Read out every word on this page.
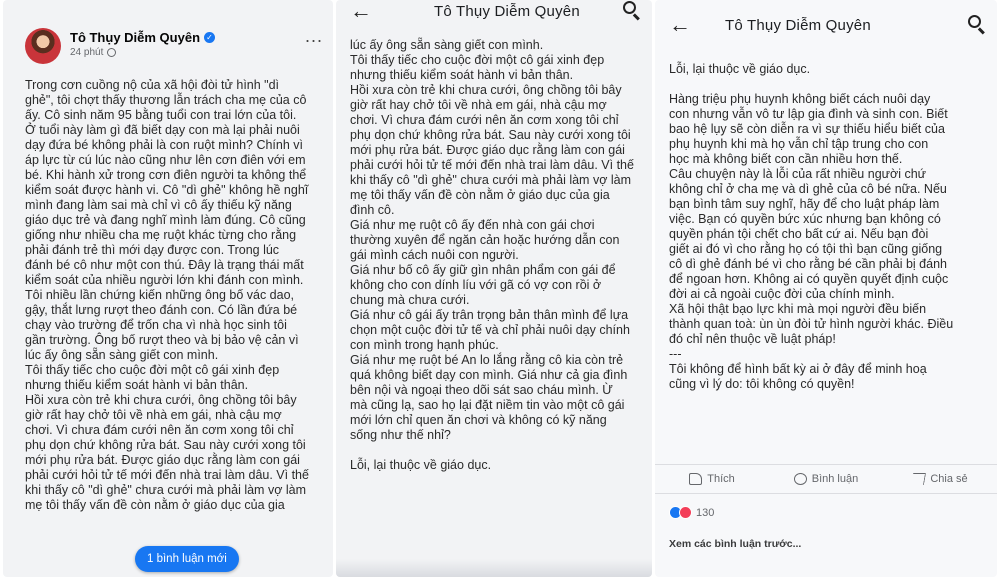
Tô Thụy Diễm Quyên ✓
24 phút
...

Trong cơn cuồng nộ của xã hội đòi tử hình "dì

ghẻ", tôi chợt thấy thương lẫn trách cha mẹ của cô

ấy. Cô sinh năm 95 bằng tuổi con trai lớn của tôi.

Ở tuổi này làm gì đã biết dạy con mà lại phải nuôi

dạy đứa bé không phải là con ruột mình? Chính vì

áp lực từ cú lúc nào cũng như lên cơn điên với em

bé. Khi hành xử trong cơn điên người ta không thể

kiểm soát được hành vi. Cô "dì ghẻ" không hề nghĩ

mình đang làm sai mà chỉ vì cô ấy thiếu kỹ năng

giáo dục trẻ và đang nghĩ mình làm đúng. Cô cũng

giống như nhiều cha mẹ ruột khác từng cho rằng

phải đánh trẻ thì mới dạy được con. Trong lúc

đánh bé cô như một con thú. Đây là trạng thái mất

kiểm soát của nhiều người lớn khi đánh con mình.

Tôi nhiều lần chứng kiến những ông bố vác dao,

gậy, thắt lưng rượt theo đánh con. Có lần đứa bé

chạy vào trường để trốn cha vì nhà học sinh tôi

gần trường. Ông bố rượt theo và bị bảo vệ cản vì

lúc ấy ông sẵn sàng giết con mình.

Tôi thấy tiếc cho cuộc đời một cô gái xinh đẹp

nhưng thiếu kiểm soát hành vi bản thân.

Hồi xưa còn trẻ khi chưa cưới, ông chồng tôi bây

giờ rất hay chở tôi về nhà em gái, nhà cậu mợ

chơi. Vì chưa đám cưới nên ăn cơm xong tôi chỉ

phụ dọn chứ không rửa bát. Sau này cưới xong tôi

mới phụ rửa bát. Được giáo dục rằng làm con gái

phải cưới hỏi tử tế mới đến nhà trai làm dâu. Vì thế

khi thấy cô "dì ghẻ" chưa cưới mà phải làm vợ làm

mẹ tôi thấy vấn đề còn nằm ở giáo dục của gia

1 bình luận mới
←	Tô Thụy Diễm Quyên

lúc ấy ông sẵn sàng giết con mình.

Tôi thấy tiếc cho cuộc đời một cô gái xinh đẹp

nhưng thiếu kiểm soát hành vi bản thân.

Hồi xưa còn trẻ khi chưa cưới, ông chồng tôi bây

giờ rất hay chở tôi về nhà em gái, nhà cậu mợ

chơi. Vì chưa đám cưới nên ăn cơm xong tôi chỉ

phụ dọn chứ không rửa bát. Sau này cưới xong tôi

mới phụ rửa bát. Được giáo dục rằng làm con gái

phải cưới hỏi tử tế mới đến nhà trai làm dâu. Vì thế

khi thấy cô "dì ghẻ" chưa cưới mà phải làm vợ làm

mẹ tôi thấy vấn đề còn nằm ở giáo dục của gia

đình cô.

Giá như mẹ ruột cô ấy đến nhà con gái chơi

thường xuyên để ngăn cản hoặc hướng dẫn con

gái mình cách nuôi con người.

Giá như bố cô ấy giữ gìn nhân phẩm con gái để

không cho con dính líu với gã có vợ con rồi ở

chung mà chưa cưới.

Giá như cô gái ấy trân trọng bản thân mình để lựa

chọn một cuộc đời tử tế và chỉ phải nuôi dạy chính

con mình trong hạnh phúc.

Giá như mẹ ruột bé An lo lắng rằng cô kia còn trẻ

quá không biết dạy con mình. Giá như cả gia đình

bên nội và ngoại theo dõi sát sao cháu mình. Ừ

mà cũng lạ, sao họ lại đặt niềm tin vào một cô gái

mới lớn chỉ quen ăn chơi và không có kỹ năng

sống như thế nhỉ?

Lỗi, lại thuộc về giáo dục.

← Tô Thụy Diễm Quyên

Lỗi, lại thuộc về giáo dục.

Hàng triệu phụ huynh không biết cách nuôi dạy

con nhưng vẫn vô tư lập gia đình và sinh con. Biết

bao hệ lụy sẽ còn diễn ra vì sự thiếu hiểu biết của

phụ huynh khi mà họ vẫn chỉ tập trung cho con

học mà không biết con cần nhiều hơn thế.

Câu chuyện này là lỗi của rất nhiều người chứ

không chỉ ở cha mẹ và dì ghẻ của cô bé nữa. Nếu

bạn bình tâm suy nghĩ, hãy để cho luật pháp làm

việc. Bạn có quyền bức xúc nhưng bạn không có

quyền phán tội chết cho bất cứ ai. Nếu bạn đòi

giết ai đó vì cho rằng họ có tội thì bạn cũng giống

cô dì ghẻ đánh bé vì cho rằng bé cần phải bị đánh

để ngoan hơn. Không ai có quyền quyết định cuộc

đời ai cả ngoài cuộc đời của chính mình.

Xã hội thật bạo lực khi mà mọi người đều biến

thành quan toà: ùn ùn đòi tử hình người khác. Điều

đó chỉ nên thuộc về luật pháp!

---

Tôi không để hình bất kỳ ai ở đây để minh hoạ

cũng vì lý do: tôi không có quyền!

Thích	Bình luận	Chia sẻ
130
Xem các bình luận trước...
